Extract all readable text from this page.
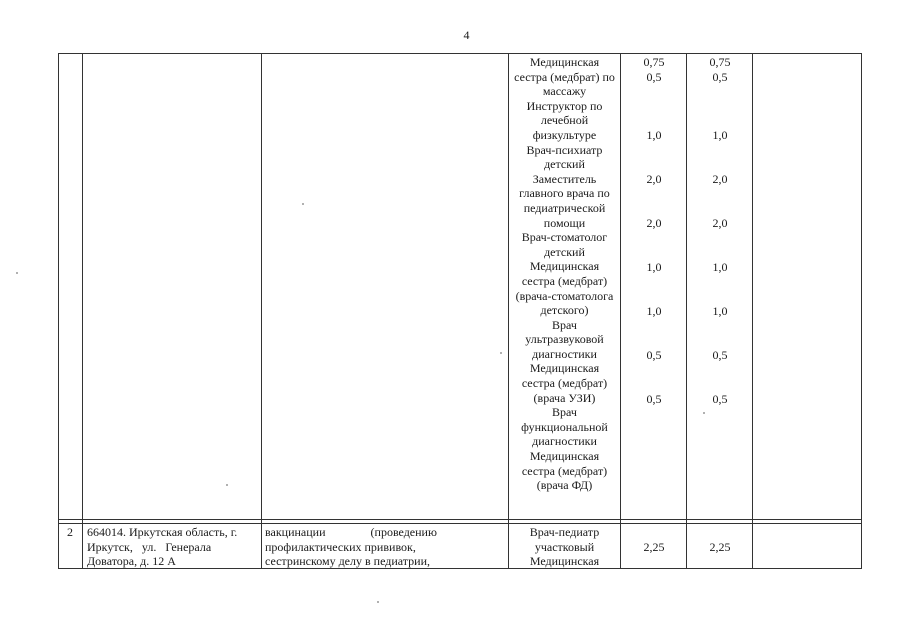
4
Медицинская сестра (медбрат) по массажу
Инструктор по лечебной физкультуре
Врач-психиатр детский
Заместитель главного врача по педиатрической помощи
Врач-стоматолог детский
Медицинская сестра (медбрат) (врача-стоматолога детского)
Врач ультразвуковой диагностики
Медицинская сестра (медбрат) (врача УЗИ)
Врач функциональной диагностики
Медицинская сестра (медбрат) (врача ФД)
0,75
0,5
1,0
2,0
2,0
1,0
1,0
0,5
0,5
0,75
0,5
1,0
2,0
2,0
1,0
1,0
0,5
0,5
2 664014. Иркутская область, г.
Иркутск,   ул.   Генерала
Доватора, д. 12 А
вакцинации               (проведению
профилактических прививок,
сестринскому делу в педиатрии,
Врач-педиатр
участковый
Медицинская
2,25	2,25
